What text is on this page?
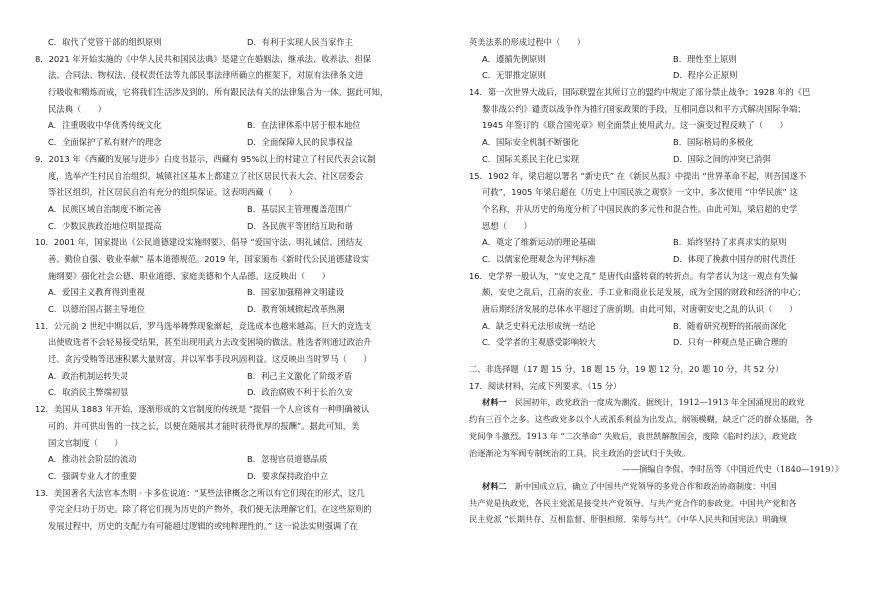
C．取代了党管干部的组织原则	D．有利于实现人民当家作主
8．2021 年开始实施的《中华人民共和国民法典》是建立在婚姻法、继承法、收养法、担保
法、合同法、物权法、侵权责任法等九部民事法律所确立的框架下，对原有法律条文进
行吸收和精炼而成，它将我们生活涉及到的、所有跟民法有关的法律集合为一体。据此可知，
民法典（　　）
A．注重吸收中华优秀传统文化	B．在法律体系中居于根本地位
C．全面保护了私有财产的理念	D．全面保障人民的民事权益
9．2013 年《西藏的发展与进步》白皮书显示，西藏有 95%以上的村建立了村民代表会议制
度，选举产生村民自治组织。城镇社区基本上都建立了社区居民代表大会、社区居委会
等社区组织，社区居民自治有充分的组织保证。这表明西藏（　　）
A．民族区域自治制度不断完善	B．基层民主管理覆盖范围广
C．少数民族政治地位明显提高	D．各民族平等团结互助和谐
10．2001 年，国家提出《公民道德建设实施纲要》，倡导 “爱国守法、明礼诚信、团结友
善、勤俭自强、敬业奉献” 基本道德规范。2019 年，国家颁布《新时代公民道德建设实
施纲要》强化社会公德、职业道德、家庭美德和个人品德。这反映出（　　）
A．爱国主义教育得到重视	B．国家加强精神文明建设
C．以德治国占据主导地位	D．教育领域掀起改革热潮
11．公元前 2 世纪中期以后，罗马选举舞弊现象渐起，竞选成本也越来越高。巨大的竞选支
出使败选者不会轻易接受结果，甚至出现用武力去改变困境的做法。胜选者则通过政治升
迁、贪污受贿等迅速积累大量财富，并以军事手段巩固利益。这反映出当时罗马（　　）
A．政治机制运转失灵	B．利己主义激化了阶级矛盾
C．取消民主弊端初显	D．政治腐败不利于长治久安
12．美国从 1883 年开始，逐渐形成的文官制度的传统是 “提倡一个人应该有一种明确被认
可的、并可供出售的一技之长，以便在随展其才能时获得优厚的报酬”。据此可知，美
国文官制度（　　）
A．推动社会阶层的流动	B．忽视官员道德品质
C．强调专业人才的重要	D．要求保持政治中立
13．美国著名大法官本杰明 · 卡多佐说道：“某些法律概念之所以有它们现在的形式，这几
乎完全归功于历史。除了将它们视为历史的产物外，我们便无法理解它们。在这些原则的
发展过程中，历史的支配力有可能超过逻辑的或纯粹理性的。” 这一说法实则强调了在
英美法系的形成过程中（　　）
A．遵循先例原则	B．理性至上原则
C．无罪推定原则	D．程序公正原则
14．第一次世界大战后，国际联盟在其所订立的盟约中规定了部分禁止战争；1928 年的《巴
黎非战公约》谴责以战争作为推行国家政策的手段，互相同意以和平方式解决国际争端；
1945 年签订的《联合国宪章》则全面禁止使用武力。这一演变过程反映了（　　）
A．国际安全机制不断强化	B．国际格局的多极化
C．国际关系民主化已实现	D．国际之间的冲突已消弭
15．1902 年，梁启超以署名 “新史氏” 在《新民丛报》中提出 “世界革命不起，则吾国遂不
可救”，1905 年梁启超在《历史上中国民族之观察》一文中，多次使用 “中华民族” 这
个名称，并从历史的角度分析了中国民族的多元性和混合性。由此可知，梁启超的史学
思想（　　）
A．奠定了维新运动的理论基础	B．始终坚持了求真求实的原则
C．以儒家伦理观念为评判标准	D．体现了挽救中国存的时代责任
16．史学界一般认为，“安史之乱” 是唐代由盛转衰的转折点。有学者认为这一观点有失偏
颇，安史之乱后，江南的农业、手工业和商业长足发展，成为全国的财政和经济的中心；
唐后期经济发展的总体水平超过了唐前期。由此可知，对唐朝安史之乱的认识（　　）
A．缺乏史料无法形成统一结论	B．随着研究视野的拓展而深化
C．受学者的主观感受影响较大	D．只有一种观点是正确合理的
二、非选择题（17 题 15 分，18 题 15 分，19 题 12 分，20 题 10 分，共 52 分）
17．阅读材料，完成下列要求。（15 分）
材料一　民国初年，政党政治一度成为潮流。据统计，1912—1913 年全国涌现出的政党
约有三百个之多。这些政党多以个人或派系利益为出发点，纲领模糊，缺乏广泛的群众基础，各
党间争斗激烈。1913 年 “二次革命” 失败后，袁世凯解散国会，废除《临时约法》，政党政
治逐渐沦为军阀专制统治的工具，民主政治的尝试归于失败。
——摘编自李侃、李时岳等《中国近代史（1840—1919）》
材料二　新中国成立后，确立了中国共产党领导的多党合作和政治协商制度：中国
共产党是执政党，各民主党派是接受共产党领导、与共产党合作的参政党。中国共产党和各
民主党派 “长期共存、互相监督、肝胆相照、荣辱与共”。《中华人民共和国宪法》明确规
